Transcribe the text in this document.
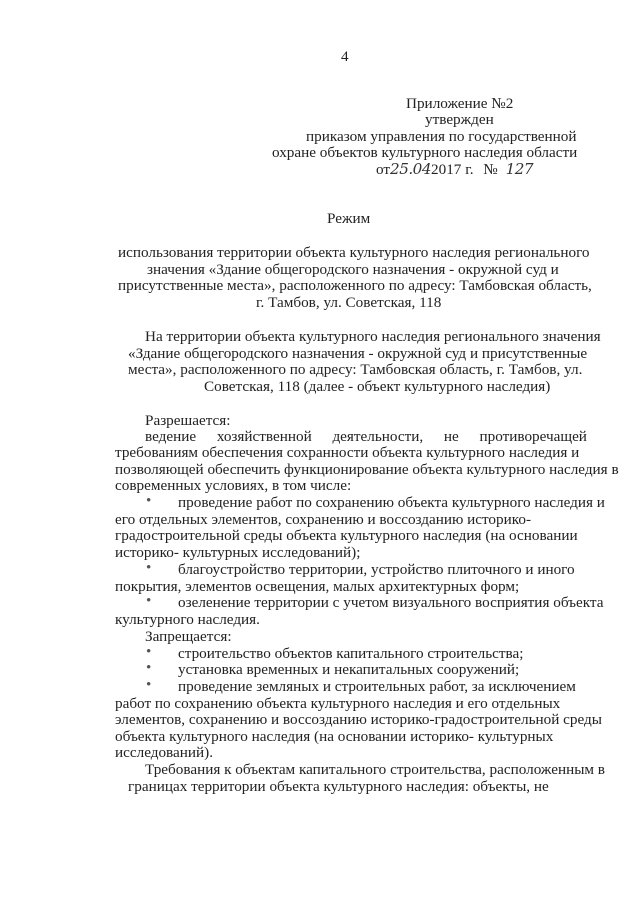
4
Приложение №2
утвержден
приказом управления по государственной
охране объектов культурного наследия области
от25.042017 г. № 127
Режим
использования территории объекта культурного наследия регионального
значения «Здание общегородского назначения - окружной суд и
присутственные места», расположенного по адресу: Тамбовская область,
г. Тамбов, ул. Советская, 118
На территории объекта культурного наследия регионального значения
«Здание общегородского назначения - окружной суд и присутственные
места», расположенного по адресу: Тамбовская область, г. Тамбов, ул.
Советская, 118 (далее - объект культурного наследия)
Разрешается:
ведение хозяйственной деятельности, не противоречащей
требованиям обеспечения сохранности объекта культурного наследия и
позволяющей обеспечить функционирование объекта культурного наследия в
современных условиях, в том числе:
• проведение работ по сохранению объекта культурного наследия и
его отдельных элементов, сохранению и воссозданию историко-
градостроительной среды объекта культурного наследия (на основании
историко- культурных исследований);
• благоустройство территории, устройство плиточного и иного
покрытия, элементов освещения, малых архитектурных форм;
• озеленение территории с учетом визуального восприятия объекта
культурного наследия.
Запрещается:
• строительство объектов капитального строительства;
• установка временных и некапитальных сооружений;
• проведение земляных и строительных работ, за исключением
работ по сохранению объекта культурного наследия и его отдельных
элементов, сохранению и воссозданию историко-градостроительной среды
объекта культурного наследия (на основании историко- культурных
исследований).
Требования к объектам капитального строительства, расположенным в
границах территории объекта культурного наследия: объекты, не
